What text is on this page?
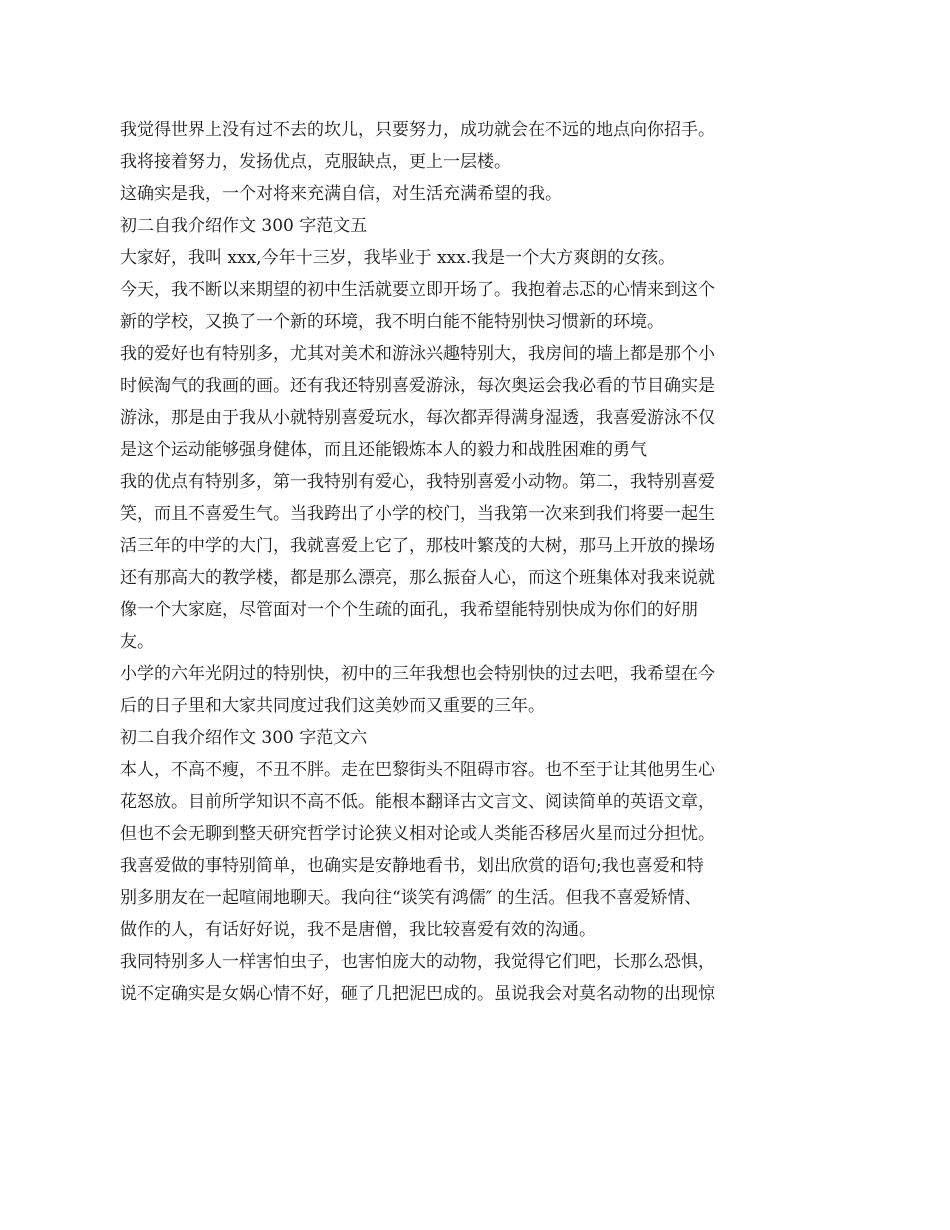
我觉得世界上没有过不去的坎儿，只要努力，成功就会在不远的地点向你招手。
我将接着努力，发扬优点，克服缺点，更上一层楼。
这确实是我，一个对将来充满自信，对生活充满希望的我。
初二自我介绍作文 300 字范文五
大家好，我叫 xxx,今年十三岁，我毕业于 xxx.我是一个大方爽朗的女孩。
今天，我不断以来期望的初中生活就要立即开场了。我抱着忐忑的心情来到这个
新的学校，又换了一个新的环境，我不明白能不能特别快习惯新的环境。
我的爱好也有特别多，尤其对美术和游泳兴趣特别大，我房间的墙上都是那个小
时候淘气的我画的画。还有我还特别喜爱游泳，每次奥运会我必看的节目确实是
游泳，那是由于我从小就特别喜爱玩水，每次都弄得满身湿透，我喜爱游泳不仅
是这个运动能够强身健体，而且还能锻炼本人的毅力和战胜困难的勇气
我的优点有特别多，第一我特别有爱心，我特别喜爱小动物。第二，我特别喜爱
笑，而且不喜爱生气。当我跨出了小学的校门，当我第一次来到我们将要一起生
活三年的中学的大门，我就喜爱上它了，那枝叶繁茂的大树，那马上开放的操场
还有那高大的教学楼，都是那么漂亮，那么振奋人心，而这个班集体对我来说就
像一个大家庭，尽管面对一个个生疏的面孔，我希望能特别快成为你们的好朋
友。
小学的六年光阴过的特别快，初中的三年我想也会特别快的过去吧，我希望在今
后的日子里和大家共同度过我们这美妙而又重要的三年。
初二自我介绍作文 300 字范文六
本人，不高不瘦，不丑不胖。走在巴黎街头不阻碍市容。也不至于让其他男生心
花怒放。目前所学知识不高不低。能根本翻译古文言文、阅读简单的英语文章，
但也不会无聊到整天研究哲学讨论狭义相对论或人类能否移居火星而过分担忧。
我喜爱做的事特别简单，也确实是安静地看书，划出欣赏的语句;我也喜爱和特
别多朋友在一起喧闹地聊天。我向往“谈笑有鸿儒″ 的生活。但我不喜爱矫情、
做作的人，有话好好说，我不是唐僧，我比较喜爱有效的沟通。
我同特别多人一样害怕虫子，也害怕庞大的动物，我觉得它们吧，长那么恐惧，
说不定确实是女娲心情不好，砸了几把泥巴成的。虽说我会对莫名动物的出现惊
